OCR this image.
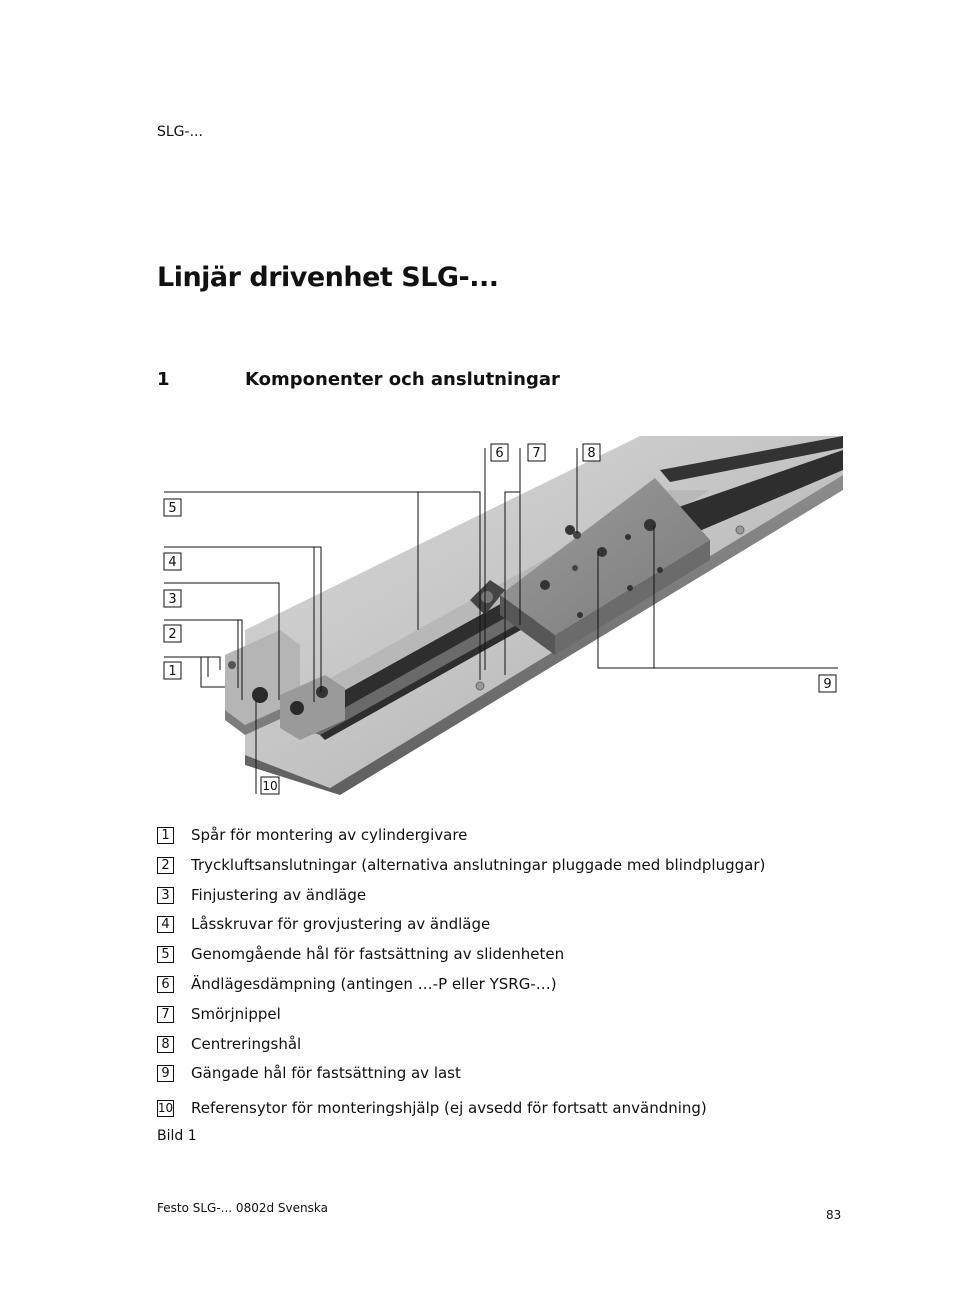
SLG-...
Linjär drivenhet SLG-...
1	Komponenter och anslutningar
5
4
3
2
1
10
6 7	8
9
1 Spår för montering av cylindergivare
2 Tryckluftsanslutningar (alternativa anslutningar pluggade med blindpluggar)
3 Finjustering av ändläge
4 Låsskruvar för grovjustering av ändläge
5 Genomgående hål för fastsättning av slidenheten
6 Ändlägesdämpning (antingen …-P eller YSRG-…)
7 Smörjnippel
8 Centreringshål
9 Gängade hål för fastsättning av last
10 Referensytor för monteringshjälp (ej avsedd för fortsatt användning)
Bild 1
Festo SLG-... 0802d Svenska	83
